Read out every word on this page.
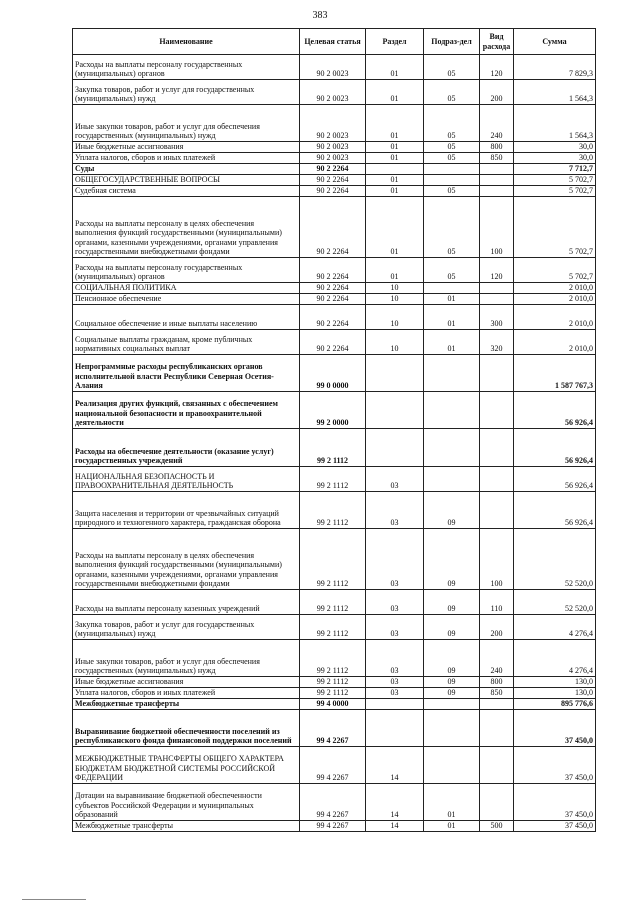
383
Наименование	Целевая статья	Раздел	Подраз-дел	Вид расхода	Сумма
Расходы на выплаты персоналу государственных (муниципальных) органов	90 2 0023	01	05	120	7 829,3
Закупка товаров, работ и услуг для государственных (муниципальных) нужд	90 2 0023	01	05	200	1 564,3
Иные закупки товаров, работ и услуг для обеспечения государственных (муниципальных) нужд	90 2 0023	01	05	240	1 564,3
Иные бюджетные ассигнования	90 2 0023	01	05	800	30,0
Уплата налогов, сборов и иных платежей	90 2 0023	01	05	850	30,0
Суды	90 2 2264				7 712,7
ОБЩЕГОСУДАРСТВЕННЫЕ ВОПРОСЫ	90 2 2264	01			5 702,7
Судебная система	90 2 2264	01	05		5 702,7
Расходы на выплаты персоналу в целях обеспечения выполнения функций государственными (муниципальными) органами, казенными учреждениями, органами управления государственными внебюджетными фондами	90 2 2264	01	05	100	5 702,7
Расходы на выплаты персоналу государственных (муниципальных) органов	90 2 2264	01	05	120	5 702,7
СОЦИАЛЬНАЯ ПОЛИТИКА	90 2 2264	10			2 010,0
Пенсионное обеспечение	90 2 2264	10	01		2 010,0
Социальное обеспечение и иные выплаты населению	90 2 2264	10	01	300	2 010,0
Социальные выплаты гражданам, кроме публичных нормативных социальных выплат	90 2 2264	10	01	320	2 010,0
Непрограммные расходы республиканских органов исполнительной власти Республики Северная Осетия-Алания	99 0 0000				1 587 767,3
Реализация других функций, связанных с обеспечением национальной безопасности и правоохранительной деятельности	99 2 0000				56 926,4
Расходы на обеспечение деятельности (оказание услуг) государственных учреждений	99 2 1112				56 926,4
НАЦИОНАЛЬНАЯ БЕЗОПАСНОСТЬ И ПРАВООХРАНИТЕЛЬНАЯ ДЕЯТЕЛЬНОСТЬ	99 2 1112	03			56 926,4
Защита населения и территории от чрезвычайных ситуаций природного и техногенного характера, гражданская оборона	99 2 1112	03	09		56 926,4
Расходы на выплаты персоналу в целях обеспечения выполнения функций государственными (муниципальными) органами, казенными учреждениями, органами управления государственными внебюджетными фондами	99 2 1112	03	09	100	52 520,0
Расходы на выплаты персоналу казенных учреждений	99 2 1112	03	09	110	52 520,0
Закупка товаров, работ и услуг для государственных (муниципальных) нужд	99 2 1112	03	09	200	4 276,4
Иные закупки товаров, работ и услуг для обеспечения государственных (муниципальных) нужд	99 2 1112	03	09	240	4 276,4
Иные бюджетные ассигнования	99 2 1112	03	09	800	130,0
Уплата налогов, сборов и иных платежей	99 2 1112	03	09	850	130,0
Межбюджетные трансферты	99 4 0000				895 776,6
Выравнивание бюджетной обеспеченности поселений из республиканского фонда финансовой поддержки поселений	99 4 2267				37 450,0
МЕЖБЮДЖЕТНЫЕ ТРАНСФЕРТЫ ОБЩЕГО ХАРАКТЕРА БЮДЖЕТАМ БЮДЖЕТНОЙ СИСТЕМЫ РОССИЙСКОЙ ФЕДЕРАЦИИ	99 4 2267	14			37 450,0
Дотации на выравнивание бюджетной обеспеченности субъектов Российской Федерации и муниципальных образований	99 4 2267	14	01		37 450,0
Межбюджетные трансферты	99 4 2267	14	01	500	37 450,0
